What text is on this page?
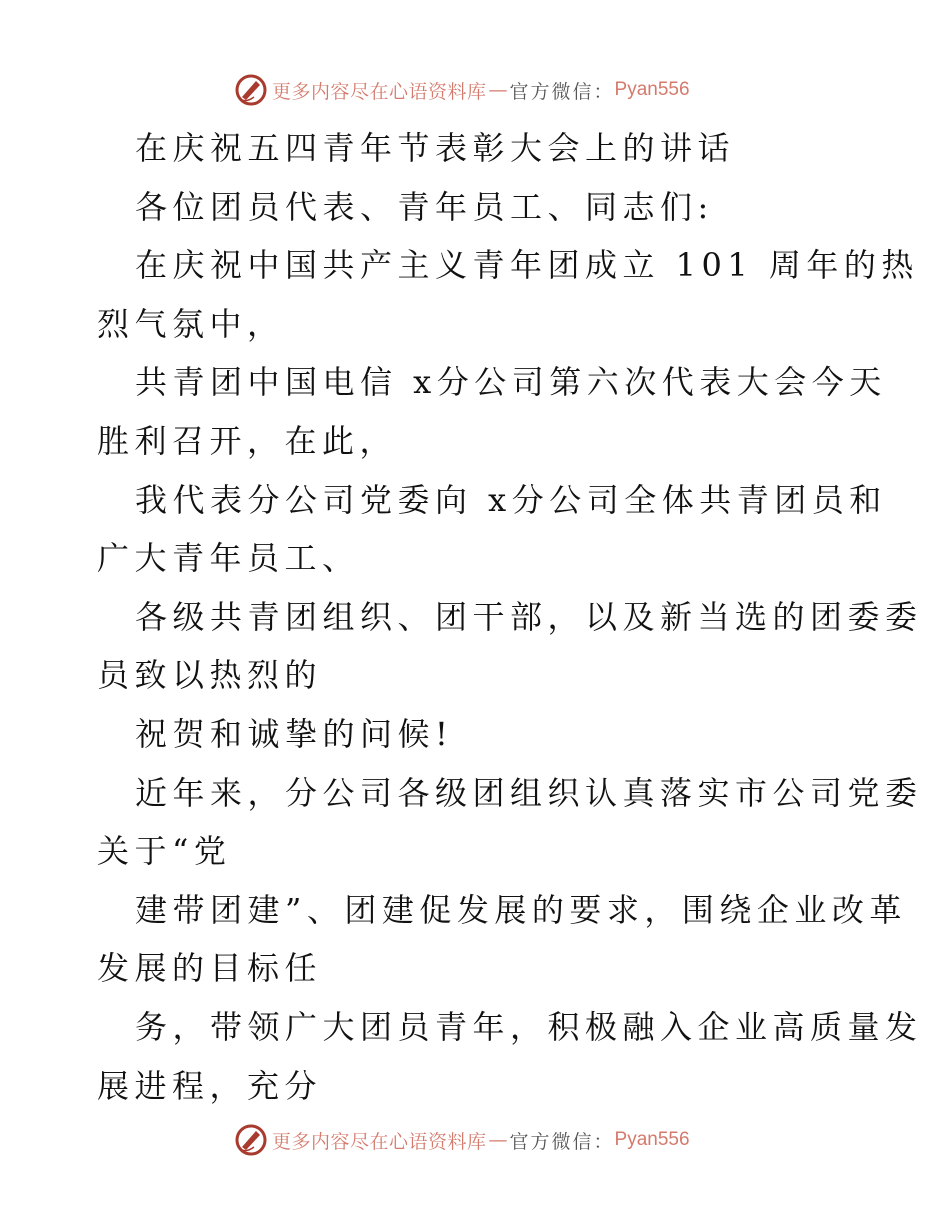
更多内容尽在心语资料库 — 官方微信： Pyan556
在庆祝五四青年节表彰大会上的讲话
各位团员代表、青年员工、同志们:
在庆祝中国共产主义青年团成立 101 周年的热
烈气氛中，
共青团中国电信 x分公司第六次代表大会今天
胜利召开，在此，
我代表分公司党委向 x分公司全体共青团员和
广大青年员工、
各级共青团组织、团干部，以及新当选的团委委
员致以热烈的
祝贺和诚挚的问候!
近年来，分公司各级团组织认真落实市公司党委
关于“党
建带团建”、团建促发展的要求，围绕企业改革
发展的目标任
务，带领广大团员青年，积极融入企业高质量发
展进程，充分
更多内容尽在心语资料库 — 官方微信： Pyan556
